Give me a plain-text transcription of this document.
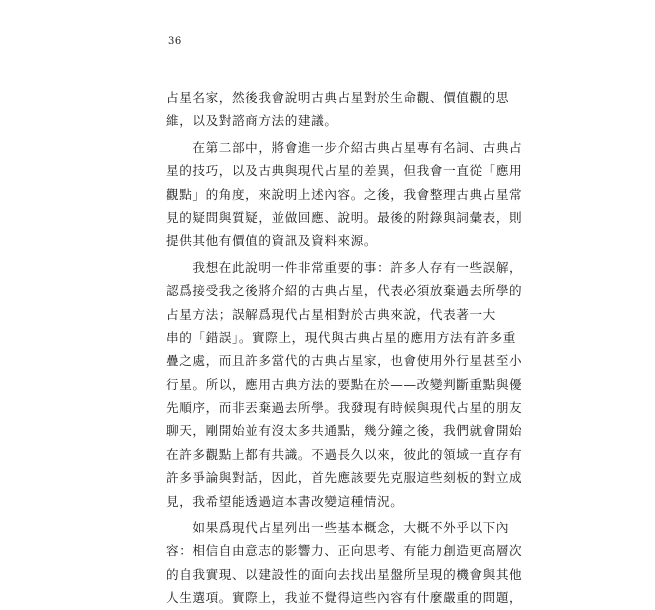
36
占星名家，然後我會說明古典占星對於生命觀、價值觀的思
維，以及對諮商方法的建議。
　　在第二部中，將會進一步介紹古典占星專有名詞、古典占
星的技巧，以及古典與現代占星的差異，但我會一直從「應用
觀點」的角度，來說明上述內容。之後，我會整理古典占星常
見的疑問與質疑，並做回應、說明。最後的附錄與詞彙表，則
提供其他有價值的資訊及資料來源。
　　我想在此說明一件非常重要的事：許多人存有一些誤解，
認爲接受我之後將介紹的古典占星，代表必須放棄過去所學的
占星方法；誤解爲現代占星相對於古典來說，代表著一大
串的「錯誤」。實際上，現代與古典占星的應用方法有許多重
疊之處，而且許多當代的古典占星家，也會使用外行星甚至小
行星。所以，應用古典方法的要點在於——改變判斷重點與優
先順序，而非丟棄過去所學。我發現有時候與現代占星的朋友
聊天，剛開始並有沒太多共通點，幾分鐘之後，我們就會開始
在許多觀點上都有共識。不過長久以來，彼此的領域一直存有
許多爭論與對話，因此，首先應該要先克服這些刻板的對立成
見，我希望能透過這本書改變這種情況。
　　如果爲現代占星列出一些基本概念，大概不外乎以下內
容：相信自由意志的影響力、正向思考、有能力創造更高層次
的自我實現、以建設性的面向去找出星盤所呈現的機會與其他
人生選項。實際上，我並不覺得這些內容有什麼嚴重的問題，
